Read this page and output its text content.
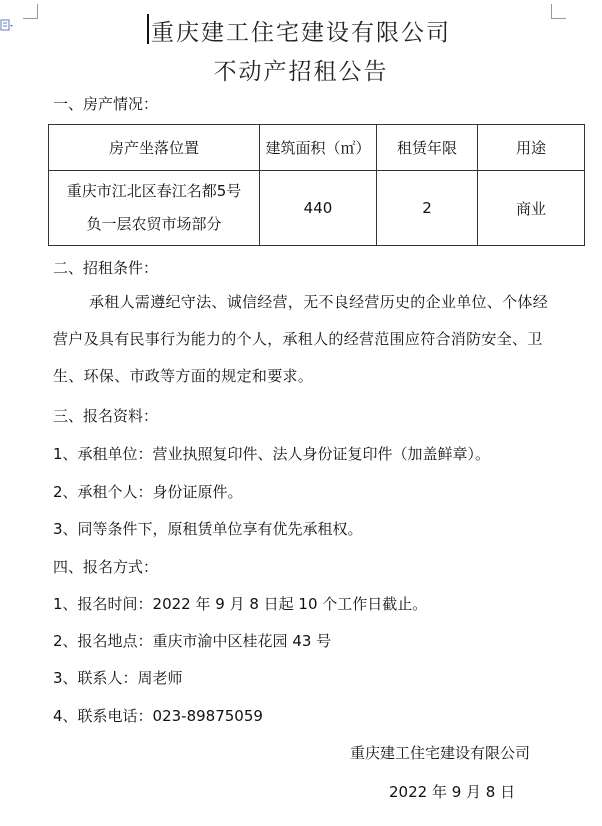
重庆建工住宅建设有限公司
不动产招租公告
一、房产情况：
房产坐落位置	建筑面积（㎡）	租赁年限	用途

重庆市江北区春江名都5号
负一层农贸市场部分	440	2	商业
二、招租条件：
承租人需遵纪守法、诚信经营，无不良经营历史的企业单位、个体经营户及具有民事行为能力的个人，承租人的经营范围应符合消防安全、卫生、环保、市政等方面的规定和要求。
三、报名资料：
1、承租单位：营业执照复印件、法人身份证复印件（加盖鲜章）。
2、承租个人：身份证原件。
3、同等条件下，原租赁单位享有优先承租权。
四、报名方式：
1、报名时间：2022 年 9 月 8 日起 10 个工作日截止。
2、报名地点：重庆市渝中区桂花园 43 号
3、联系人：周老师
4、联系电话：023-89875059
重庆建工住宅建设有限公司
2022 年 9 月 8 日
